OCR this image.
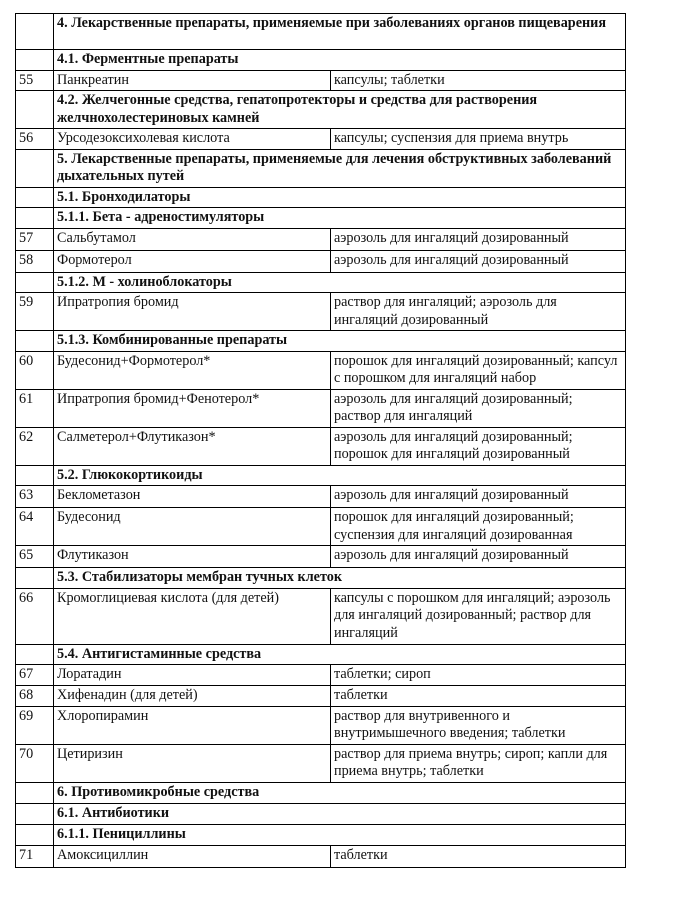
	4. Лекарственные препараты, применяемые при заболеваниях органов пищеварения	
	4.1. Ферментные препараты	
55	Панкреатин	капсулы; таблетки
	4.2. Желчегонные средства, гепатопротекторы и средства для растворения желчнохолестериновых камней	
56	Урсодезоксихолевая кислота	капсулы; суспензия для приема внутрь
	5. Лекарственные препараты, применяемые для лечения обструктивных заболеваний дыхательных путей	
	5.1. Бронходилаторы	
	5.1.1. Бета - адреностимуляторы	
57	Сальбутамол	аэрозоль для ингаляций дозированный
58	Формотерол	аэрозоль для ингаляций дозированный
	5.1.2. М - холиноблокаторы	
59	Ипратропия бромид	раствор для ингаляций; аэрозоль для ингаляций дозированный
	5.1.3. Комбинированные препараты	
60	Будесонид+Формотерол*	порошок для ингаляций дозированный; капсул с порошком для ингаляций набор
61	Ипратропия бромид+Фенотерол*	аэрозоль для ингаляций дозированный; раствор для ингаляций
62	Салметерол+Флутиказон*	аэрозоль для ингаляций дозированный; порошок для ингаляций дозированный
	5.2. Глюкокортикоиды	
63	Беклометазон	аэрозоль для ингаляций дозированный
64	Будесонид	порошок для ингаляций дозированный; суспензия для ингаляций дозированная
65	Флутиказон	аэрозоль для ингаляций дозированный
	5.3. Стабилизаторы мембран тучных клеток	
66	Кромоглициевая кислота (для детей)	капсулы с порошком для ингаляций; аэрозоль для ингаляций дозированный; раствор для ингаляций
	5.4. Антигистаминные средства	
67	Лоратадин	таблетки; сироп
68	Хифенадин (для детей)	таблетки
69	Хлоропирамин	раствор для внутривенного и внутримышечного введения; таблетки
70	Цетиризин	раствор для приема внутрь; сироп; капли для приема внутрь; таблетки
	6. Противомикробные средства	
	6.1. Антибиотики	
	6.1.1. Пенициллины	
71	Амоксициллин	таблетки
